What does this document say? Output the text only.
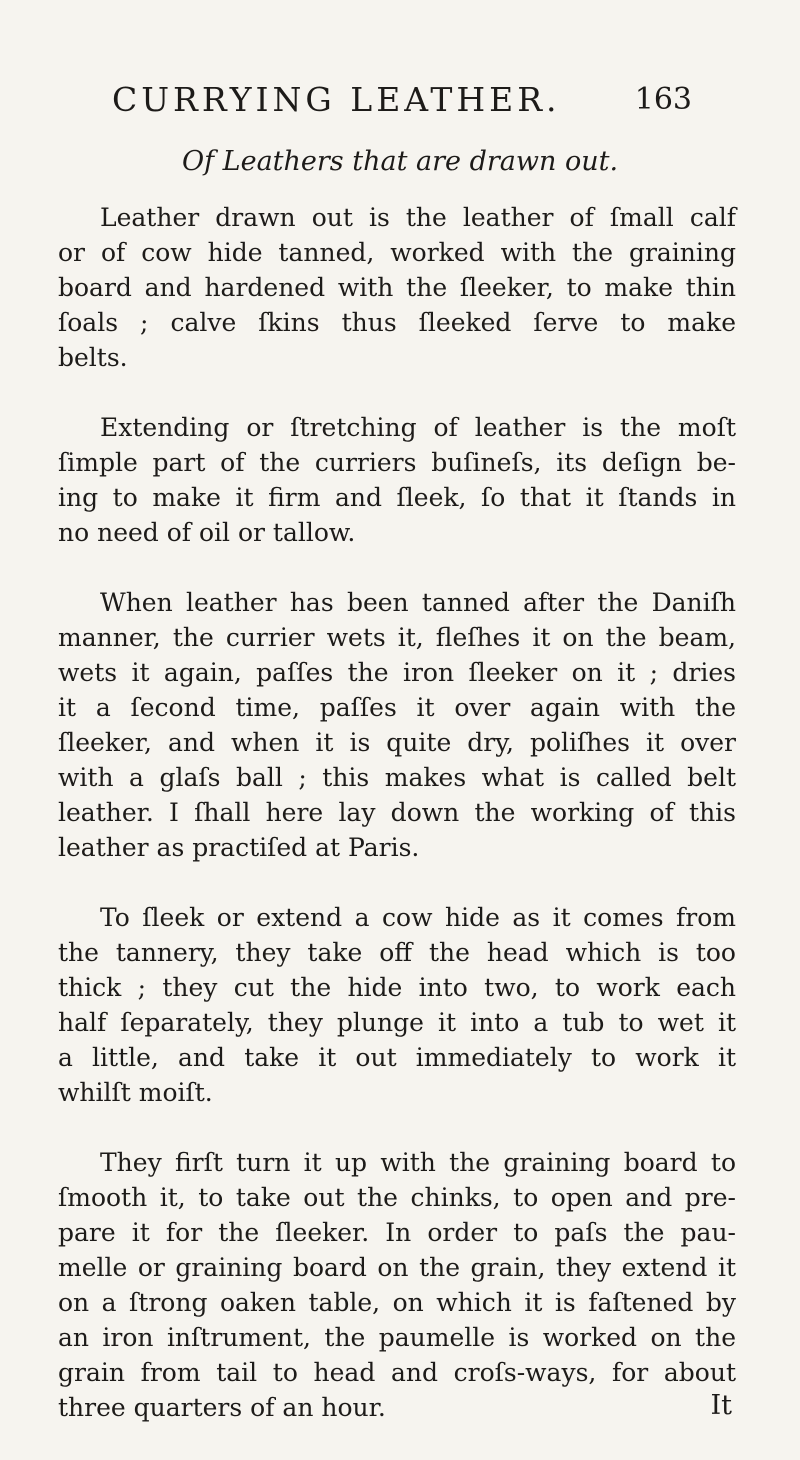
CURRYING LEATHER. 163
Of Leathers that are drawn out.
Leather drawn out is the leather of ſmall calf
or of cow hide tanned, worked with the graining
board and hardened with the ſleeker, to make thin
ſoals ; calve ſkins thus ſleeked ſerve to make
belts.
Extending or ſtretching of leather is the moſt
ſimple part of the curriers buſineſs, its deſign be-
ing to make it firm and ſleek, ſo that it ſtands in
no need of oil or tallow.
When leather has been tanned after the Daniſh
manner, the currier wets it, fleſhes it on the beam,
wets it again, paſſes the iron ſleeker on it ; dries
it a ſecond time, paſſes it over again with the
ſleeker, and when it is quite dry, poliſhes it over
with a glaſs ball ; this makes what is called belt
leather. I ſhall here lay down the working of this
leather as practiſed at Paris.
To ſleek or extend a cow hide as it comes from
the tannery, they take off the head which is too
thick ; they cut the hide into two, to work each
half ſeparately, they plunge it into a tub to wet it
a little, and take it out immediately to work it
whilſt moiſt.
They firſt turn it up with the graining board to
ſmooth it, to take out the chinks, to open and pre-
pare it for the ſleeker. In order to paſs the pau-
melle or graining board on the grain, they extend it
on a ſtrong oaken table, on which it is faſtened by
an iron inſtrument, the paumelle is worked on the
grain from tail to head and croſs-ways, for about
three quarters of an hour.	It
